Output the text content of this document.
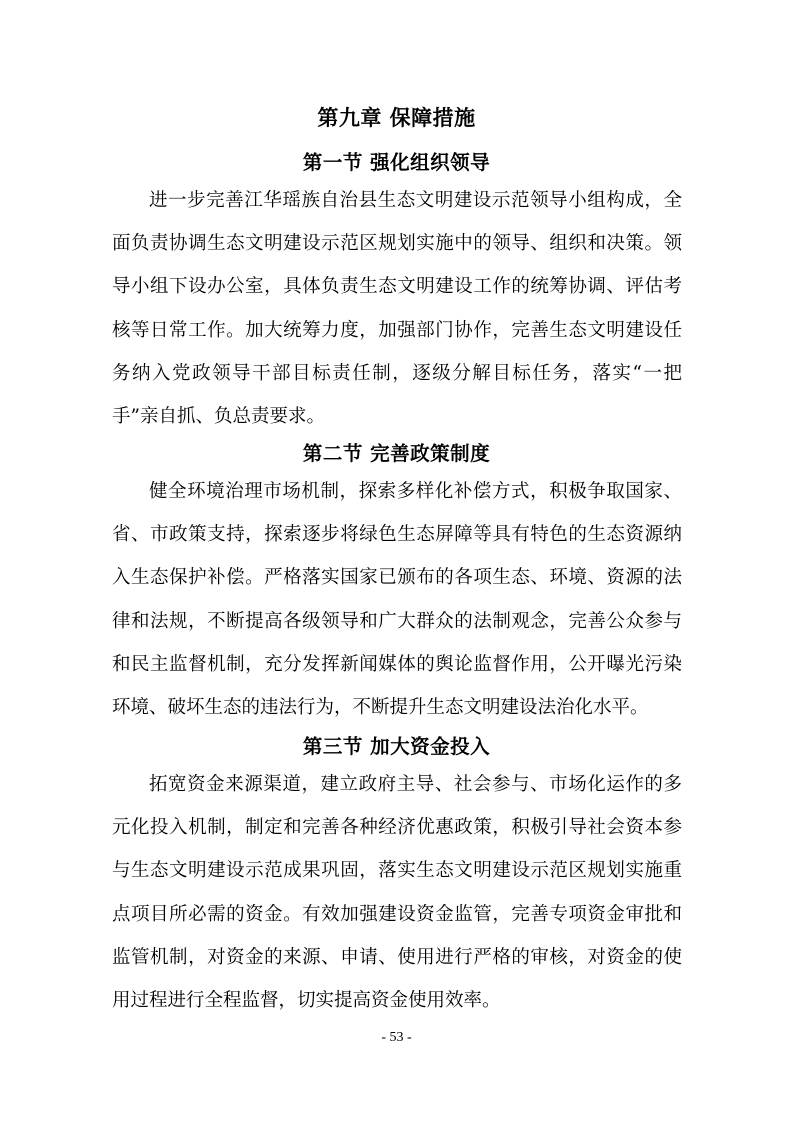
第九章 保障措施
第一节 强化组织领导

进一步完善江华瑶族自治县生态文明建设示范领导小组构成，全面负责协调生态文明建设示范区规划实施中的领导、组织和决策。领导小组下设办公室，具体负责生态文明建设工作的统筹协调、评估考核等日常工作。加大统筹力度，加强部门协作，完善生态文明建设任务纳入党政领导干部目标责任制，逐级分解目标任务，落实“一把手”亲自抓、负总责要求。

第二节 完善政策制度

健全环境治理市场机制，探索多样化补偿方式，积极争取国家、省、市政策支持，探索逐步将绿色生态屏障等具有特色的生态资源纳入生态保护补偿。严格落实国家已颁布的各项生态、环境、资源的法律和法规，不断提高各级领导和广大群众的法制观念，完善公众参与和民主监督机制，充分发挥新闻媒体的舆论监督作用，公开曝光污染环境、破坏生态的违法行为，不断提升生态文明建设法治化水平。

第三节 加大资金投入

拓宽资金来源渠道，建立政府主导、社会参与、市场化运作的多元化投入机制，制定和完善各种经济优惠政策，积极引导社会资本参与生态文明建设示范成果巩固，落实生态文明建设示范区规划实施重点项目所必需的资金。有效加强建设资金监管，完善专项资金审批和监管机制，对资金的来源、申请、使用进行严格的审核，对资金的使用过程进行全程监督，切实提高资金使用效率。

- 53 -
